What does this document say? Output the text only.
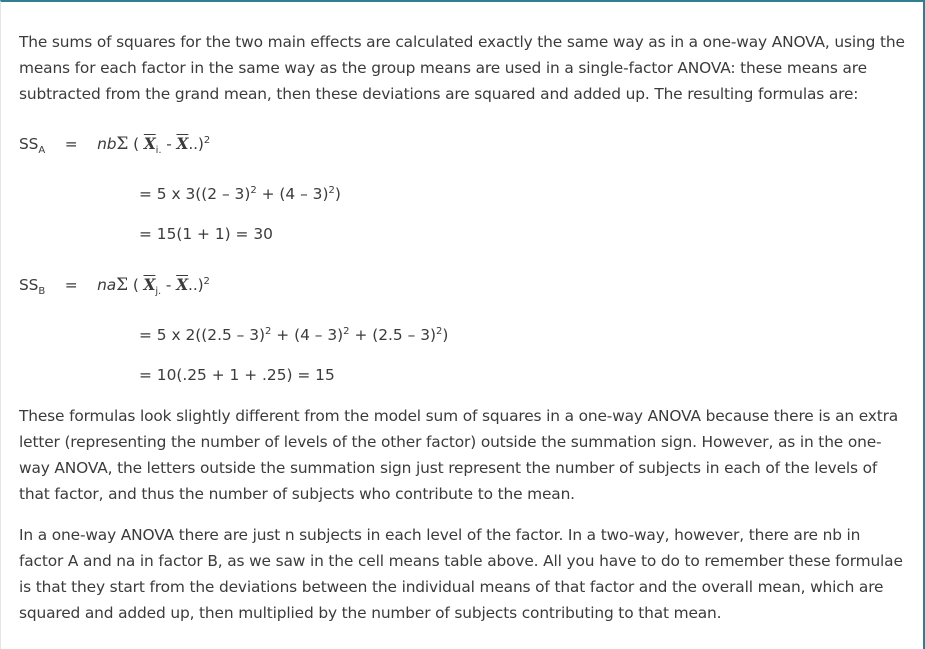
The sums of squares for the two main effects are calculated exactly the same way as in a one-way ANOVA, using the means for each factor in the same way as the group means are used in a single-factor ANOVA: these means are subtracted from the grand mean, then these deviations are squared and added up. The resulting formulas are:

$SS_A = nb\Sigma$ ( $\overline{X}_{i.} - \overline{X}..)^2$
= 5 x 3((2 – 3)$^2$ + (4 – 3)$^2$)
= 15(1 + 1) = 30
$SS_B = na\Sigma$ ( $\overline{X}_{j.} - \overline{X}..)^2$
= 5 x 2((2.5 – 3)$^2$ + (4 – 3)$^2$ + (2.5 – 3)$^2$)
= 10(.25 + 1 + .25) = 15

These formulas look slightly different from the model sum of squares in a one-way ANOVA because there is an extra letter (representing the number of levels of the other factor) outside the summation sign. However, as in the one-way ANOVA, the letters outside the summation sign just represent the number of subjects in each of the levels of that factor, and thus the number of subjects who contribute to the mean.

In a one-way ANOVA there are just n subjects in each level of the factor. In a two-way, however, there are nb in factor A and na in factor B, as we saw in the cell means table above. All you have to do to remember these formulae is that they start from the deviations between the individual means of that factor and the overall mean, which are squared and added up, then multiplied by the number of subjects contributing to that mean.
